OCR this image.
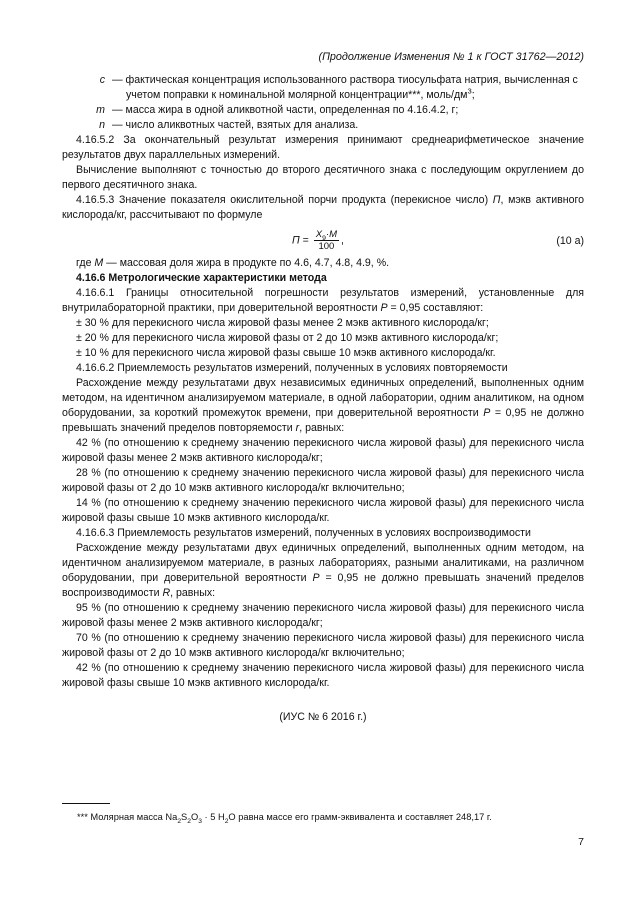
(Продолжение Изменения № 1 к ГОСТ 31762—2012)
c — фактическая концентрация использованного раствора тиосульфата натрия, вычисленная с
учетом поправки к номинальной молярной концентрации***, моль/$дм^3$;
m — масса жира в одной аликвотной части, определенная по 4.16.4.2, г;
n — число аликвотных частей, взятых для анализа.

4.16.5.2 За окончательный результат измерения принимают среднеарифметическое значение результатов двух параллельных измерений.

Вычисление выполняют с точностью до второго десятичного знака с последующим округлением до первого десятичного знака.

4.16.5.3 Значение показателя окислительной порчи продукта (перекисное число) П, мэкв активного кислорода/кг, рассчитывают по формуле

$П = \frac{X_9\cdot M}{100}$ ,	(10 а)

где М — массовая доля жира в продукте по 4.6, 4.7, 4.8, 4.9, %.

4.16.6 Метрологические характеристики метода

4.16.6.1 Границы относительной погрешности результатов измерений, установленные для внутрилабораторной практики, при доверительной вероятности Р = 0,95 составляют:

± 30 % для перекисного числа жировой фазы менее 2 мэкв активного кислорода/кг;

± 20 % для перекисного числа жировой фазы от 2 до 10 мэкв активного кислорода/кг;

± 10 % для перекисного числа жировой фазы свыше 10 мэкв активного кислорода/кг.

4.16.6.2 Приемлемость результатов измерений, полученных в условиях повторяемости

Расхождение между результатами двух независимых единичных определений, выполненных одним методом, на идентичном анализируемом материале, в одной лаборатории, одним аналитиком, на одном оборудовании, за короткий промежуток времени, при доверительной вероятности Р = 0,95 не должно превышать значений пределов повторяемости r, равных:

42 % (по отношению к среднему значению перекисного числа жировой фазы) для перекисного числа жировой фазы менее 2 мэкв активного кислорода/кг;

28 % (по отношению к среднему значению перекисного числа жировой фазы) для перекисного числа жировой фазы от 2 до 10 мэкв активного кислорода/кг включительно;

14 % (по отношению к среднему значению перекисного числа жировой фазы) для перекисного числа жировой фазы свыше 10 мэкв активного кислорода/кг.

4.16.6.3 Приемлемость результатов измерений, полученных в условиях воспроизводимости

Расхождение между результатами двух единичных определений, выполненных одним методом, на идентичном анализируемом материале, в разных лабораториях, разными аналитиками, на различном оборудовании, при доверительной вероятности Р = 0,95 не должно превышать значений пределов воспроизводимости R, равных:

95 % (по отношению к среднему значению перекисного числа жировой фазы) для перекисного числа жировой фазы менее 2 мэкв активного кислорода/кг;

70 % (по отношению к среднему значению перекисного числа жировой фазы) для перекисного числа жировой фазы от 2 до 10 мэкв активного кислорода/кг включительно;

42 % (по отношению к среднему значению перекисного числа жировой фазы) для перекисного числа жировой фазы свыше 10 мэкв активного кислорода/кг.

(ИУС № 6 2016 г.)
*** Молярная масса $Na_2S_2O_3 \cdot 5$ $H_2O$ равна массе его грамм-эквивалента и составляет 248,17 г.
7
